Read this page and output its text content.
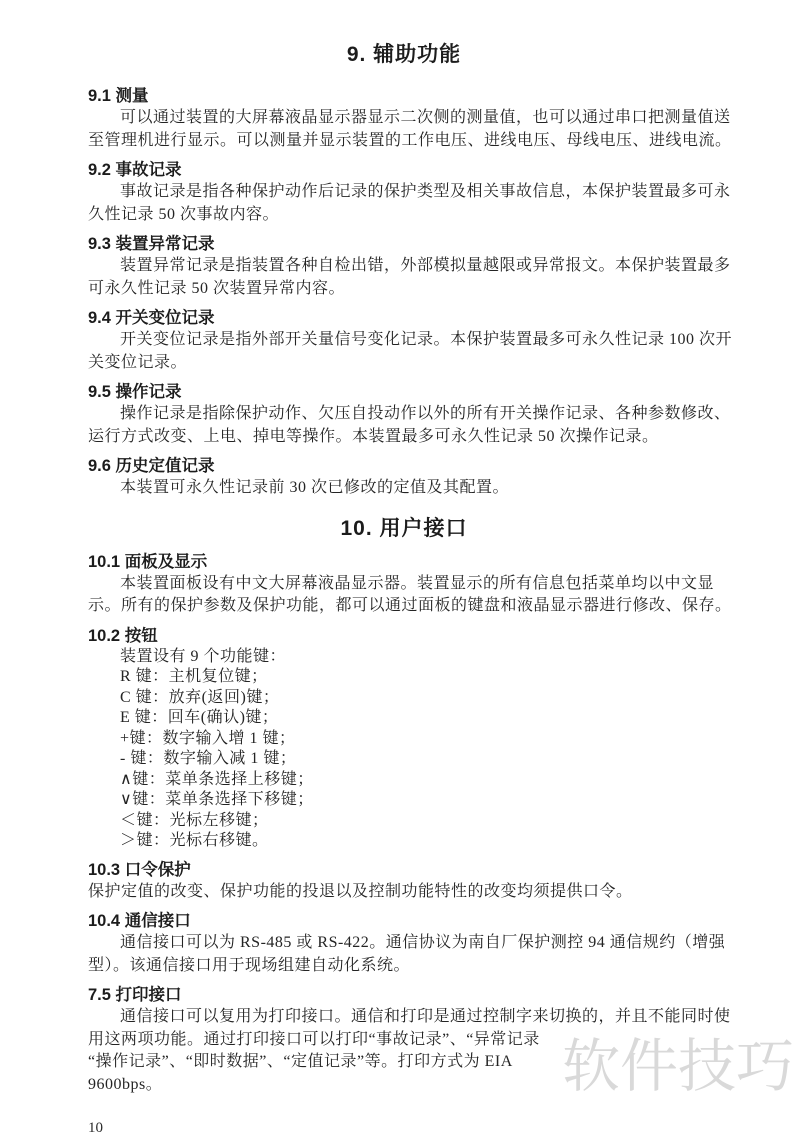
9. 辅助功能
9.1 测量
可以通过装置的大屏幕液晶显示器显示二次侧的测量值，也可以通过串口把测量值送
至管理机进行显示。可以测量并显示装置的工作电压、进线电压、母线电压、进线电流。
9.2 事故记录
事故记录是指各种保护动作后记录的保护类型及相关事故信息，本保护装置最多可永
久性记录 50 次事故内容。
9.3 装置异常记录
装置异常记录是指装置各种自检出错，外部模拟量越限或异常报文。本保护装置最多
可永久性记录 50 次装置异常内容。
9.4 开关变位记录
开关变位记录是指外部开关量信号变化记录。本保护装置最多可永久性记录 100 次开
关变位记录。
9.5 操作记录
操作记录是指除保护动作、欠压自投动作以外的所有开关操作记录、各种参数修改、
运行方式改变、上电、掉电等操作。本装置最多可永久性记录 50 次操作记录。
9.6 历史定值记录
本装置可永久性记录前 30 次已修改的定值及其配置。
10. 用户接口
10.1 面板及显示
本装置面板设有中文大屏幕液晶显示器。装置显示的所有信息包括菜单均以中文显
示。所有的保护参数及保护功能，都可以通过面板的键盘和液晶显示器进行修改、保存。
10.2 按钮
装置设有 9 个功能键：
R 键：主机复位键；
C 键：放弃(返回)键；
E 键：回车(确认)键；
+键：数字输入增 1 键；
- 键：数字输入减 1 键；
∧键：菜单条选择上移键；
∨键：菜单条选择下移键；
＜键：光标左移键；
＞键：光标右移键。
10.3 口令保护
保护定值的改变、保护功能的投退以及控制功能特性的改变均须提供口令。
10.4 通信接口
通信接口可以为 RS-485 或 RS-422。通信协议为南自厂保护测控 94 通信规约（增强
型）。该通信接口用于现场组建自动化系统。
7.5 打印接口
通信接口可以复用为打印接口。通信和打印是通过控制字来切换的，并且不能同时使
用这两项功能。通过打印接口可以打印“事故记录”、“异常记录
“操作记录”、“即时数据”、“定值记录”等。打印方式为 EIA
9600bps。	软件技巧
10
